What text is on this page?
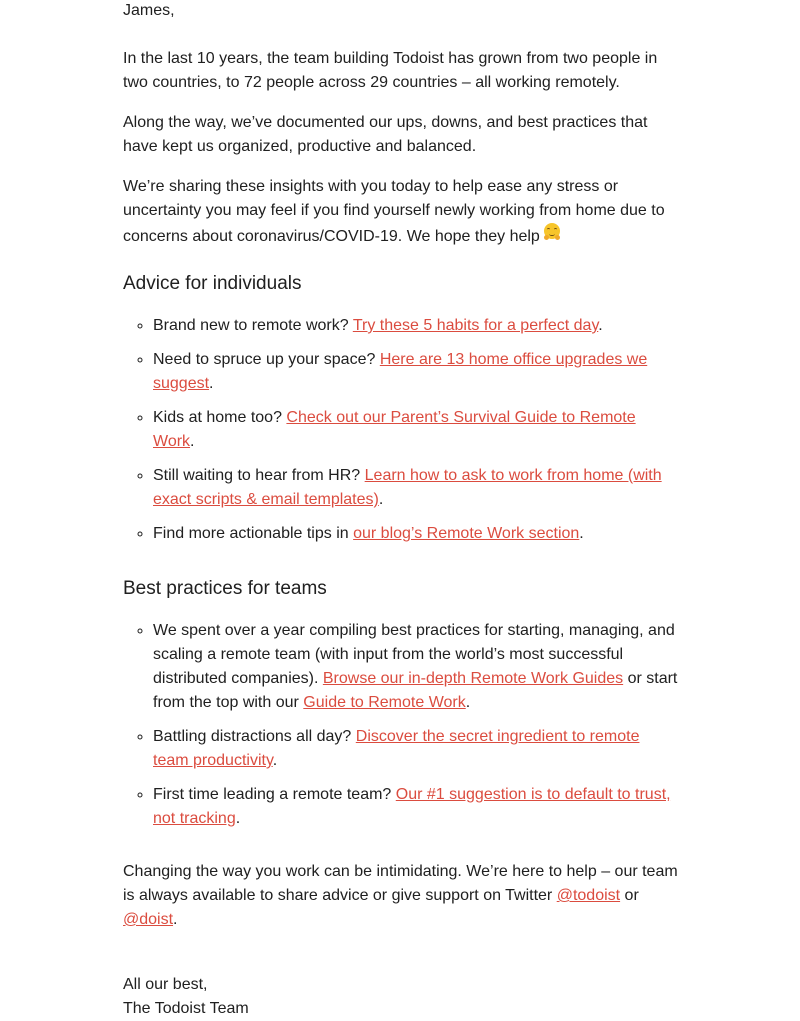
James,

In the last 10 years, the team building Todoist has grown from two people in two countries, to 72 people across 29 countries – all working remotely.

Along the way, we’ve documented our ups, downs, and best practices that have kept us organized, productive and balanced.

We’re sharing these insights with you today to help ease any stress or uncertainty you may feel if you find yourself newly working from home due to concerns about coronavirus/COVID-19. We hope they help

Advice for individuals
◦ Brand new to remote work? Try these 5 habits for a perfect day.
◦ Need to spruce up your space? Here are 13 home office upgrades we suggest.
◦ Kids at home too? Check out our Parent’s Survival Guide to Remote Work.
◦ Still waiting to hear from HR? Learn how to ask to work from home (with exact scripts & email templates).
◦ Find more actionable tips in our blog’s Remote Work section.
Best practices for teams
◦ We spent over a year compiling best practices for starting, managing, and scaling a remote team (with input from the world’s most successful distributed companies). Browse our in-depth Remote Work Guides or start from the top with our Guide to Remote Work.
◦ Battling distractions all day? Discover the secret ingredient to remote team productivity.
◦ First time leading a remote team? Our #1 suggestion is to default to trust, not tracking.

Changing the way you work can be intimidating. We’re here to help – our team is always available to share advice or give support on Twitter @todoist or @doist.

All our best,

The Todoist Team
